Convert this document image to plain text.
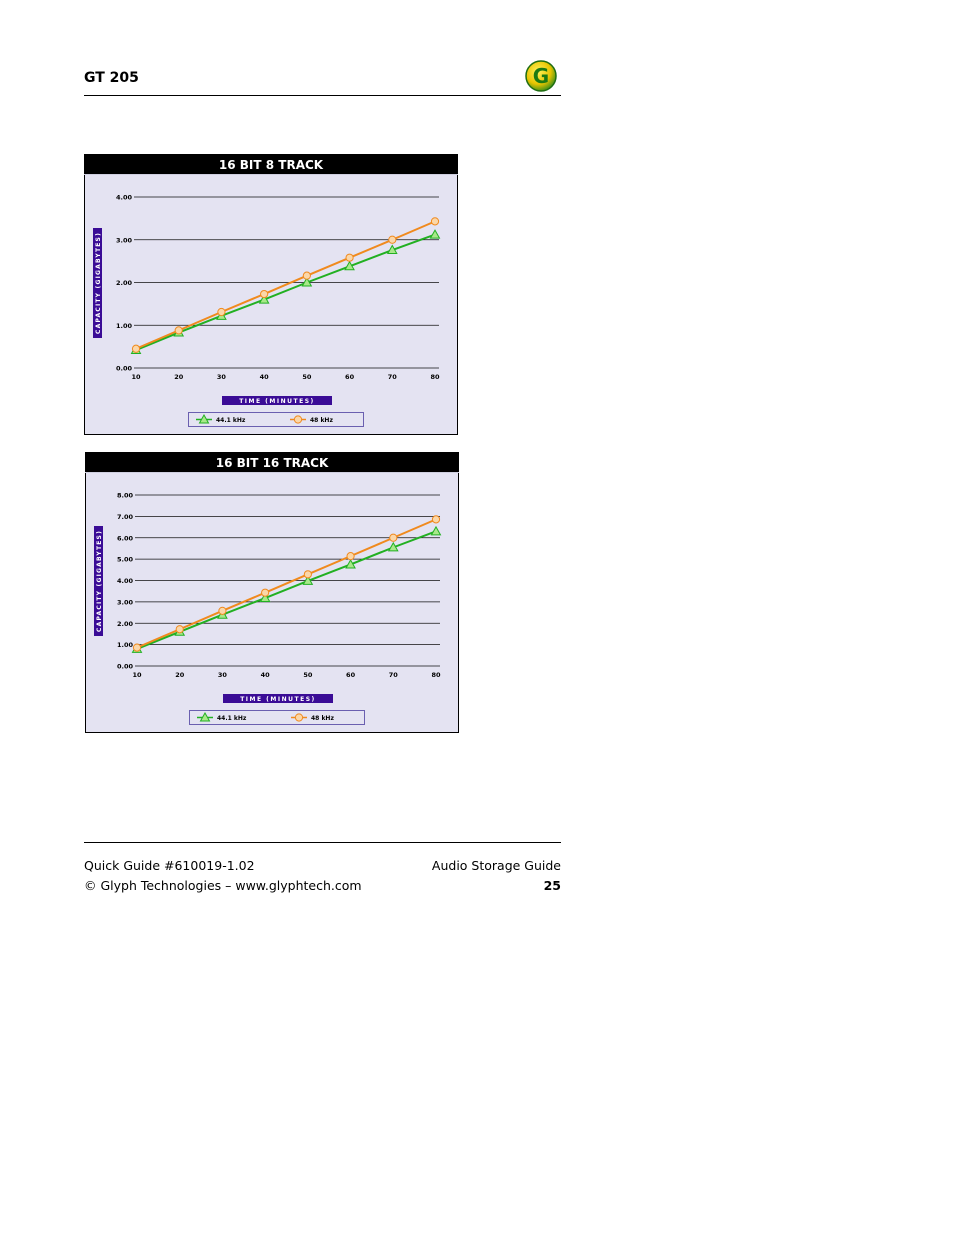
GT 205	G
16 BIT 8 TRACK
0.00
1.00
2.00
3.00
4.00
10	20	30	40	50	60	70	80
TIME (MINUTES)
CAPACITY (GIGABYTES)
44.1 kHz	48 kHz
16 BIT 16 TRACK
0.00
1.00
2.00
3.00
4.00
5.00
6.00
7.00
8.00
10	20	30	40	50	60	70	80
TIME (MINUTES)
CAPACITY (GIGABYTES)
44.1 kHz	48 kHz
Quick Guide #610019-1.02
© Glyph Technologies – www.glyphtech.com
Audio Storage Guide
25
